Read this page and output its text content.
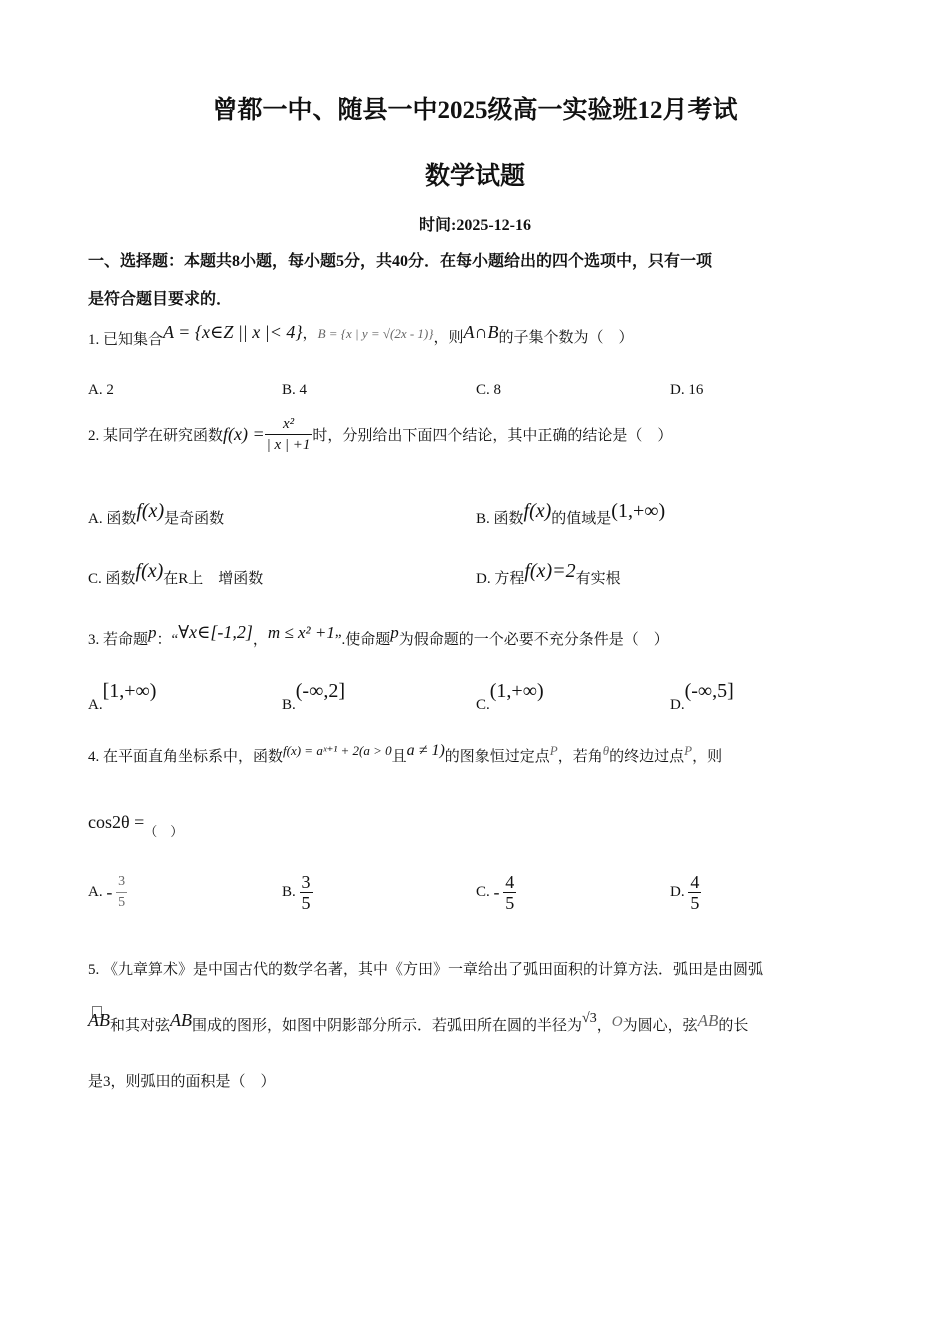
曾都一中、随县一中2025级高一实验班12月考试
数学试题
时间:2025-12-16
一、选择题：本题共8小题，每小题5分，共40分．在每小题给出的四个选项中，只有一项
是符合题目要求的．
1. 已知集合A = {x∈Z || x |< 4}，B = {x | y = √(2x - 1)}，则A∩B的子集个数为（　）
A. 2	B. 4	C. 8	D. 16
2. 某同学在研究函数$f(x) = \frac{\text{x²}}{| x | +1}$ 时，分别给出下面四个结论，其中正确的结论是（　）
A. 函数f(x)是奇函数	B. 函数f(x)的值域是(1,+∞)
C. 函数f(x)在R上　增函数	D. 方程f(x)=2有实根
3. 若命题p：“∀x∈[-1,2]，m ≤ x² +1”.使命题p为假命题的一个必要不充分条件是（　）
A.[1,+∞)
B.(-∞,2]
C.(1,+∞)
D.(-∞,5]
4. 在平面直角坐标系中，函数f(x) = aˣ⁺¹ + 2(a > 0且a ≠ 1)的图象恒过定点P，若角θ的终边过点P，则
$\cos 2\theta =_{( )}$
A. - $\frac{3}{5}$	B. $\frac{3}{5}$	C. - $\frac{4}{5}$	D. $\frac{4}{5}$
5. 《九章算术》是中国古代的数学名著，其中《方田》一章给出了弧田面积的计算方法．弧田是由圆弧
AB和其对弦AB围成的图形，如图中阴影部分所示．若弧田所在圆的半径为√3，O为圆心，弦AB的长
是3，则弧田的面积是（　）
